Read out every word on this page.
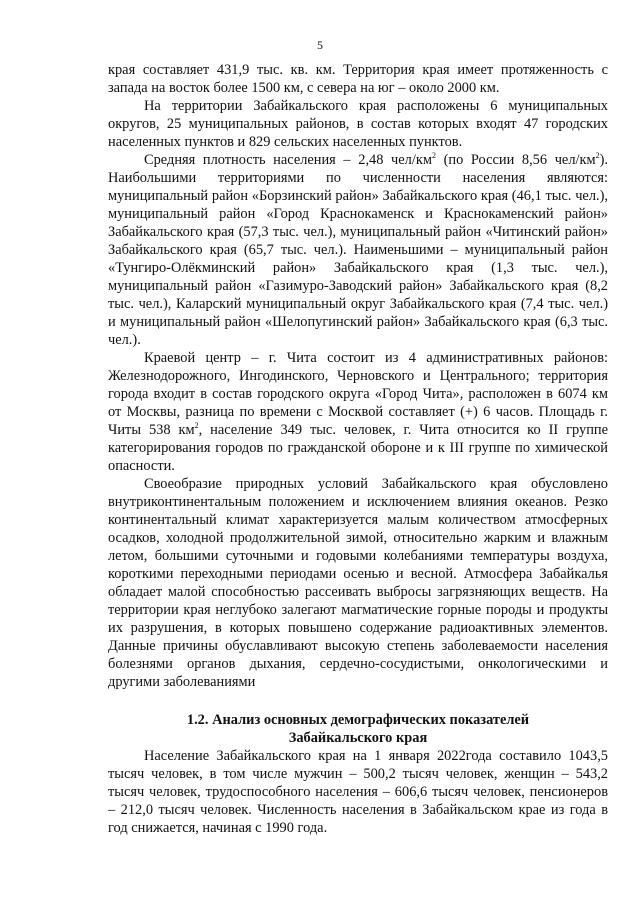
5

края составляет 431,9 тыс. кв. км. Территория края имеет протяженность с запада на восток более 1500 км, с севера на юг – около 2000 км.

На территории Забайкальского края расположены 6 муниципальных округов, 25 муниципальных районов, в состав которых входят 47 городских населенных пунктов и 829 сельских населенных пунктов.

Средняя плотность населения – 2,48 чел/$км^2$ (по России 8,56 чел/$км^2$). Наибольшими территориями по численности населения являются: муниципальный район «Борзинский район» Забайкальского края (46,1 тыс. чел.), муниципальный район «Город Краснокаменск и Краснокаменский район» Забайкальского края (57,3 тыс. чел.), муниципальный район «Читинский район» Забайкальского края (65,7 тыс. чел.). Наименьшими – муниципальный район «Тунгиро-Олёкминский район» Забайкальского края (1,3 тыс. чел.), муниципальный район «Газимуро-Заводский район» Забайкальского края (8,2 тыс. чел.), Каларский муниципальный округ Забайкальского края (7,4 тыс. чел.) и муниципальный район «Шелопугинский район» Забайкальского края (6,3 тыс. чел.).

Краевой центр – г. Чита состоит из 4 административных районов: Железнодорожного, Ингодинского, Черновского и Центрального; территория города входит в состав городского округа «Город Чита», расположен в 6074 км от Москвы, разница по времени с Москвой составляет (+) 6 часов. Площадь г. Читы 538 $км^2$, население 349 тыс. человек, г. Чита относится ко II группе категорирования городов по гражданской обороне и к III группе по химической опасности.

Своеобразие природных условий Забайкальского края обусловлено внутриконтинентальным положением и исключением влияния океанов. Резко континентальный климат характеризуется малым количеством атмосферных осадков, холодной продолжительной зимой, относительно жарким и влажным летом, большими суточными и годовыми колебаниями температуры воздуха, короткими переходными периодами осенью и весной. Атмосфера Забайкалья обладает малой способностью рассеивать выбросы загрязняющих веществ. На территории края неглубоко залегают магматические горные породы и продукты их разрушения, в которых повышено содержание радиоактивных элементов. Данные причины обуславливают высокую степень заболеваемости населения болезнями органов дыхания, сердечно-сосудистыми, онкологическими и другими заболеваниями

1.2. Анализ основных демографических показателей
Забайкальского края

Население Забайкальского края на 1 января 2022года составило 1043,5 тысяч человек, в том числе мужчин – 500,2 тысяч человек, женщин – 543,2 тысяч человек, трудоспособного населения – 606,6 тысяч человек, пенсионеров – 212,0 тысяч человек. Численность населения в Забайкальском крае из года в год снижается, начиная с 1990 года.
